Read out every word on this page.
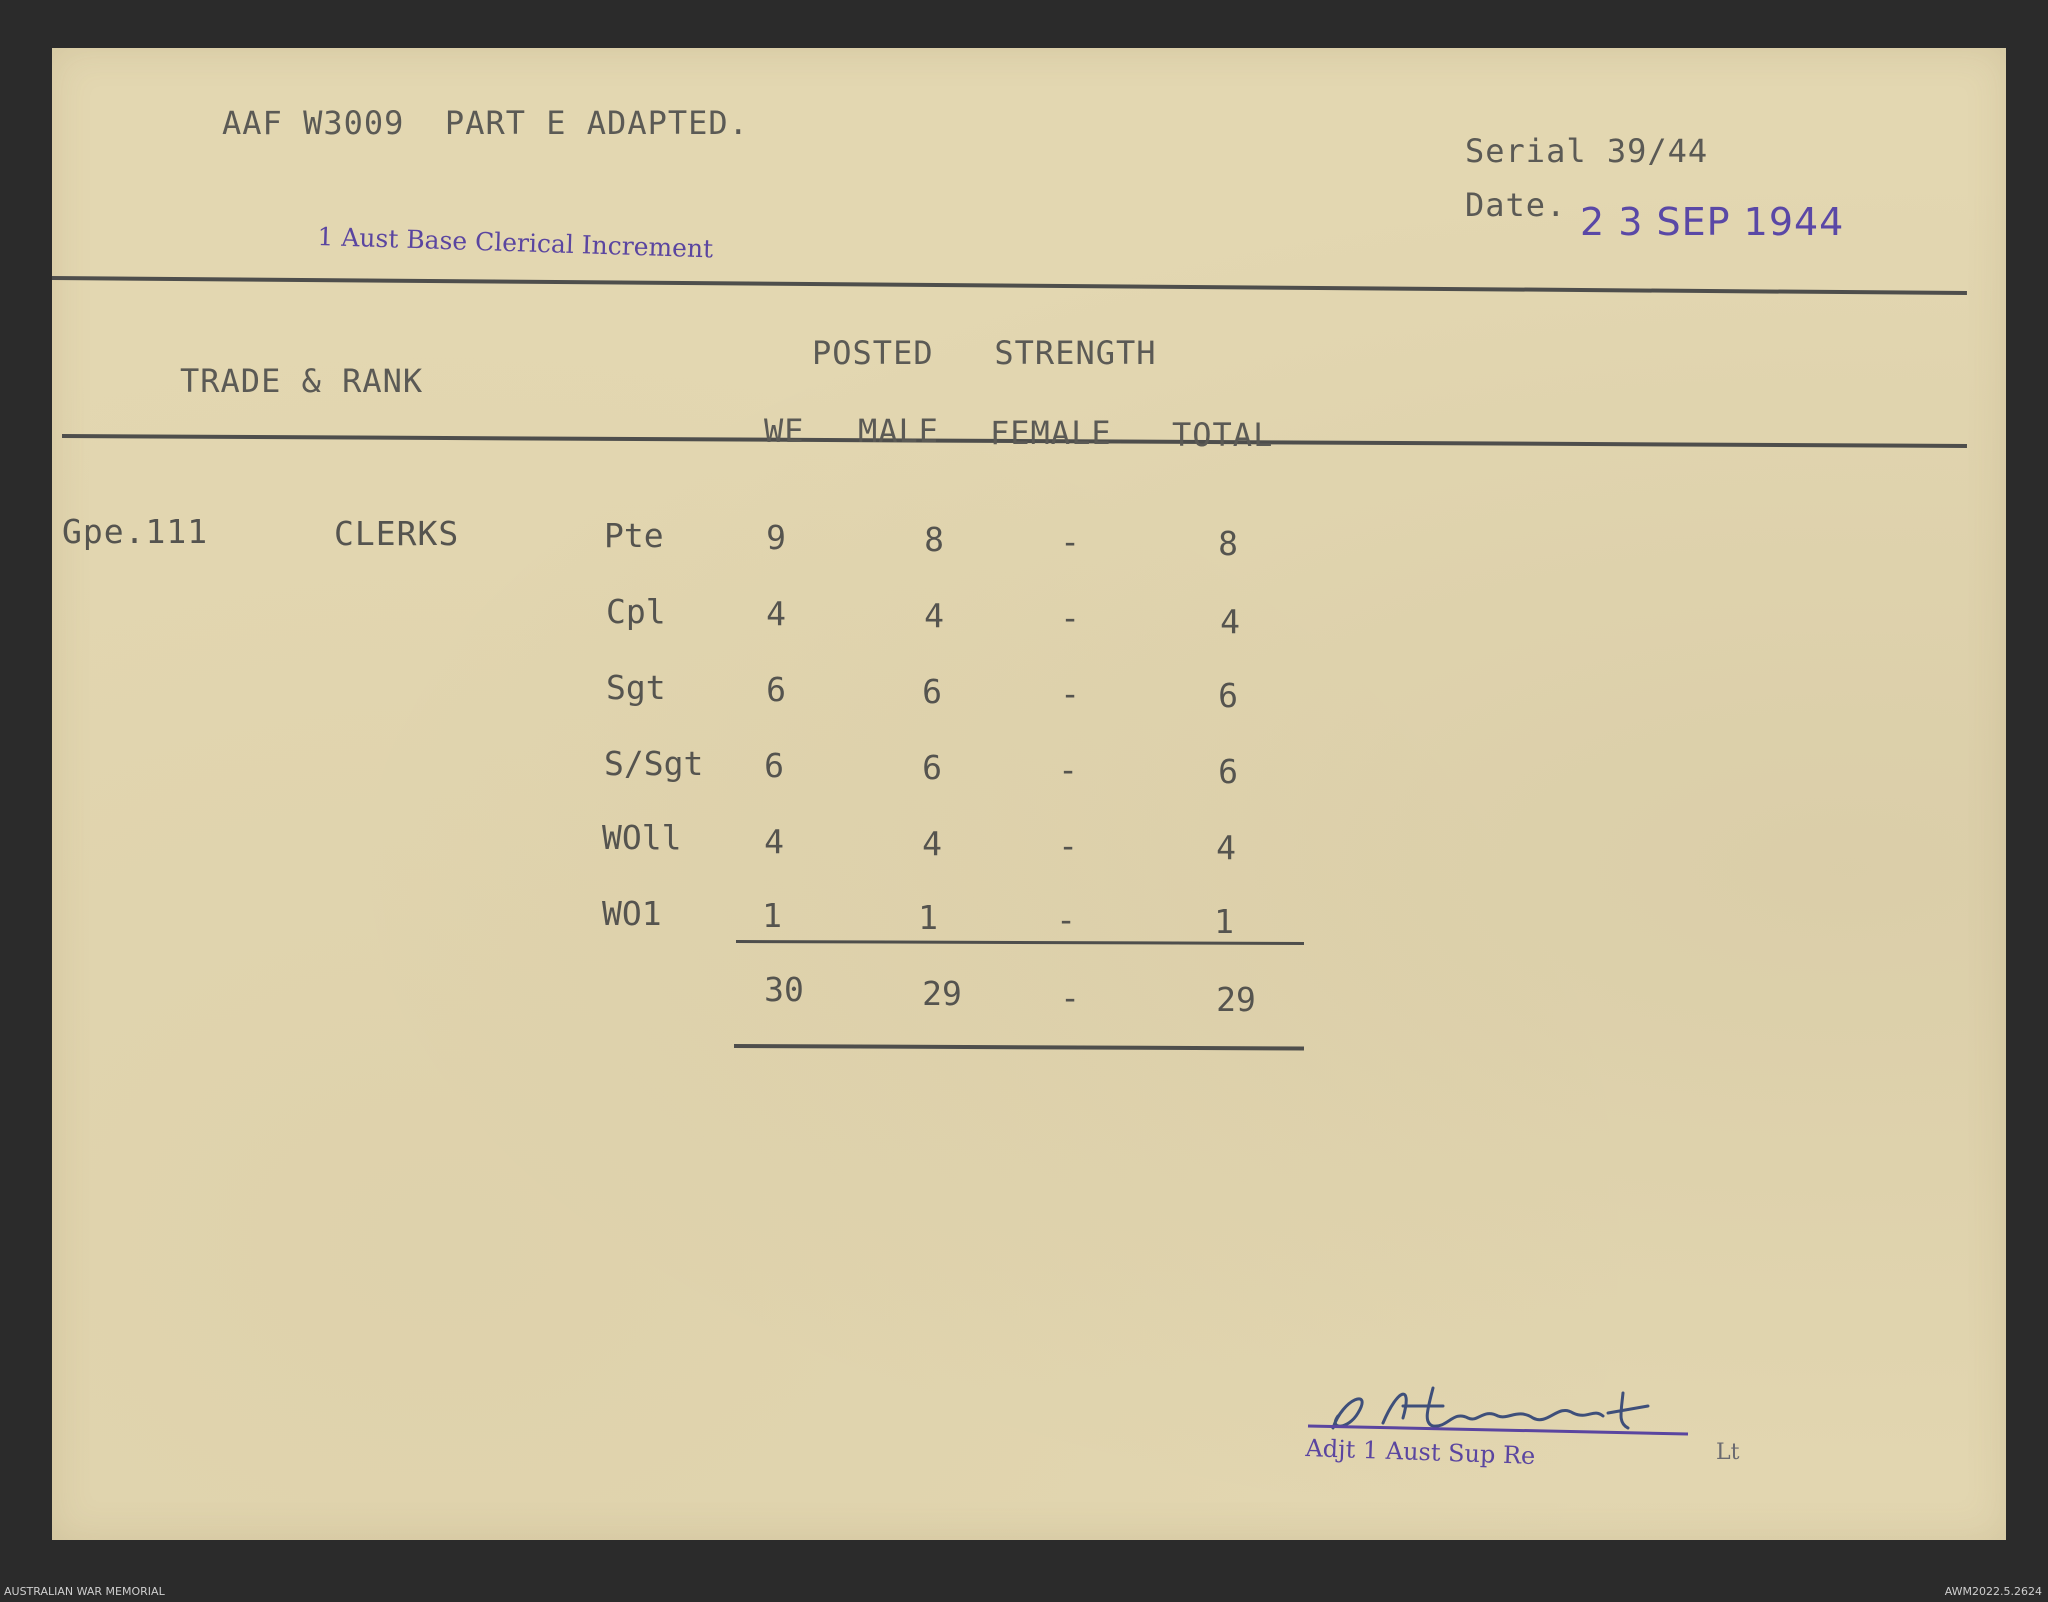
AAF W3009  PART E ADAPTED.
Serial 39/44
Date. 2 3 SEP 1944
1 Aust Base Clerical Increment
TRADE & RANK
POSTED   STRENGTH
WE MALE FEMALE TOTAL
Gpe.111	CLERKS	Pte	9	8	-	8
Cpl	4	4	-	4
Sgt	6	6	-	6
S/Sgt	6	6	-	6
WOll	4	4	-	4
WO1	1	1	-	1
30	29	-	29
Adjt 1 Aust Sup Re	Lt
AUSTRALIAN WAR MEMORIAL	AWM2022.5.2624
